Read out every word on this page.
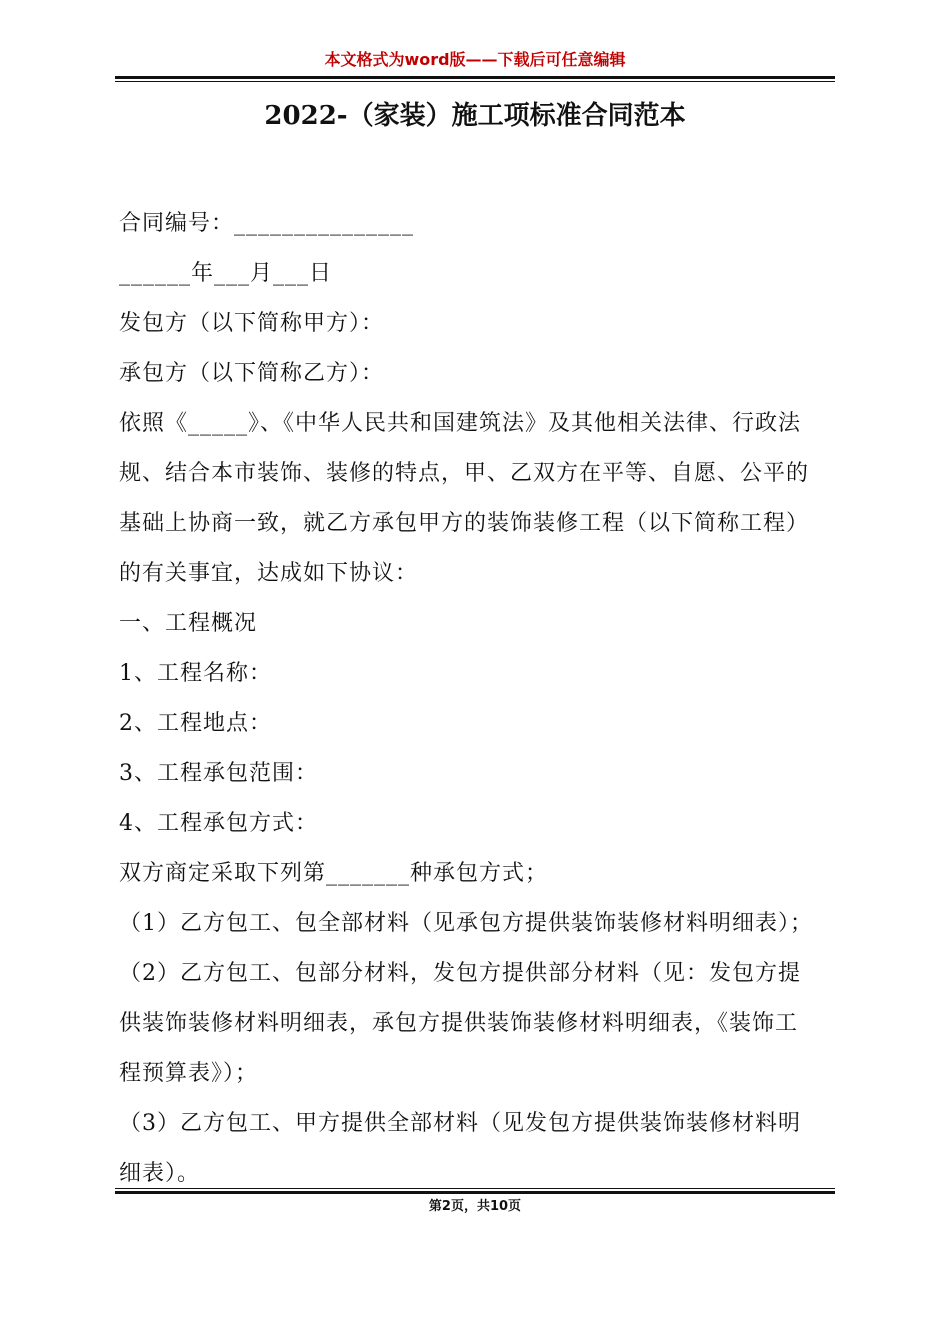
本文格式为word版——下载后可任意编辑
2022-（家装）施工项标准合同范本
合同编号：_______________
______年___月___日
发包方（以下简称甲方）：
承包方（以下简称乙方）：
依照《_____》、《中华人民共和国建筑法》及其他相关法律、行政法
规、结合本市装饰、装修的特点，甲、乙双方在平等、自愿、公平的
基础上协商一致，就乙方承包甲方的装饰装修工程（以下简称工程）
的有关事宜，达成如下协议：
一、工程概况
1、工程名称：
2、工程地点：
3、工程承包范围：
4、工程承包方式：
双方商定采取下列第_______种承包方式；
（1）乙方包工、包全部材料（见承包方提供装饰装修材料明细表）；
（2）乙方包工、包部分材料，发包方提供部分材料（见：发包方提
供装饰装修材料明细表，承包方提供装饰装修材料明细表，《装饰工
程预算表》）；
（3）乙方包工、甲方提供全部材料（见发包方提供装饰装修材料明
细表）。
第2页，共10页
